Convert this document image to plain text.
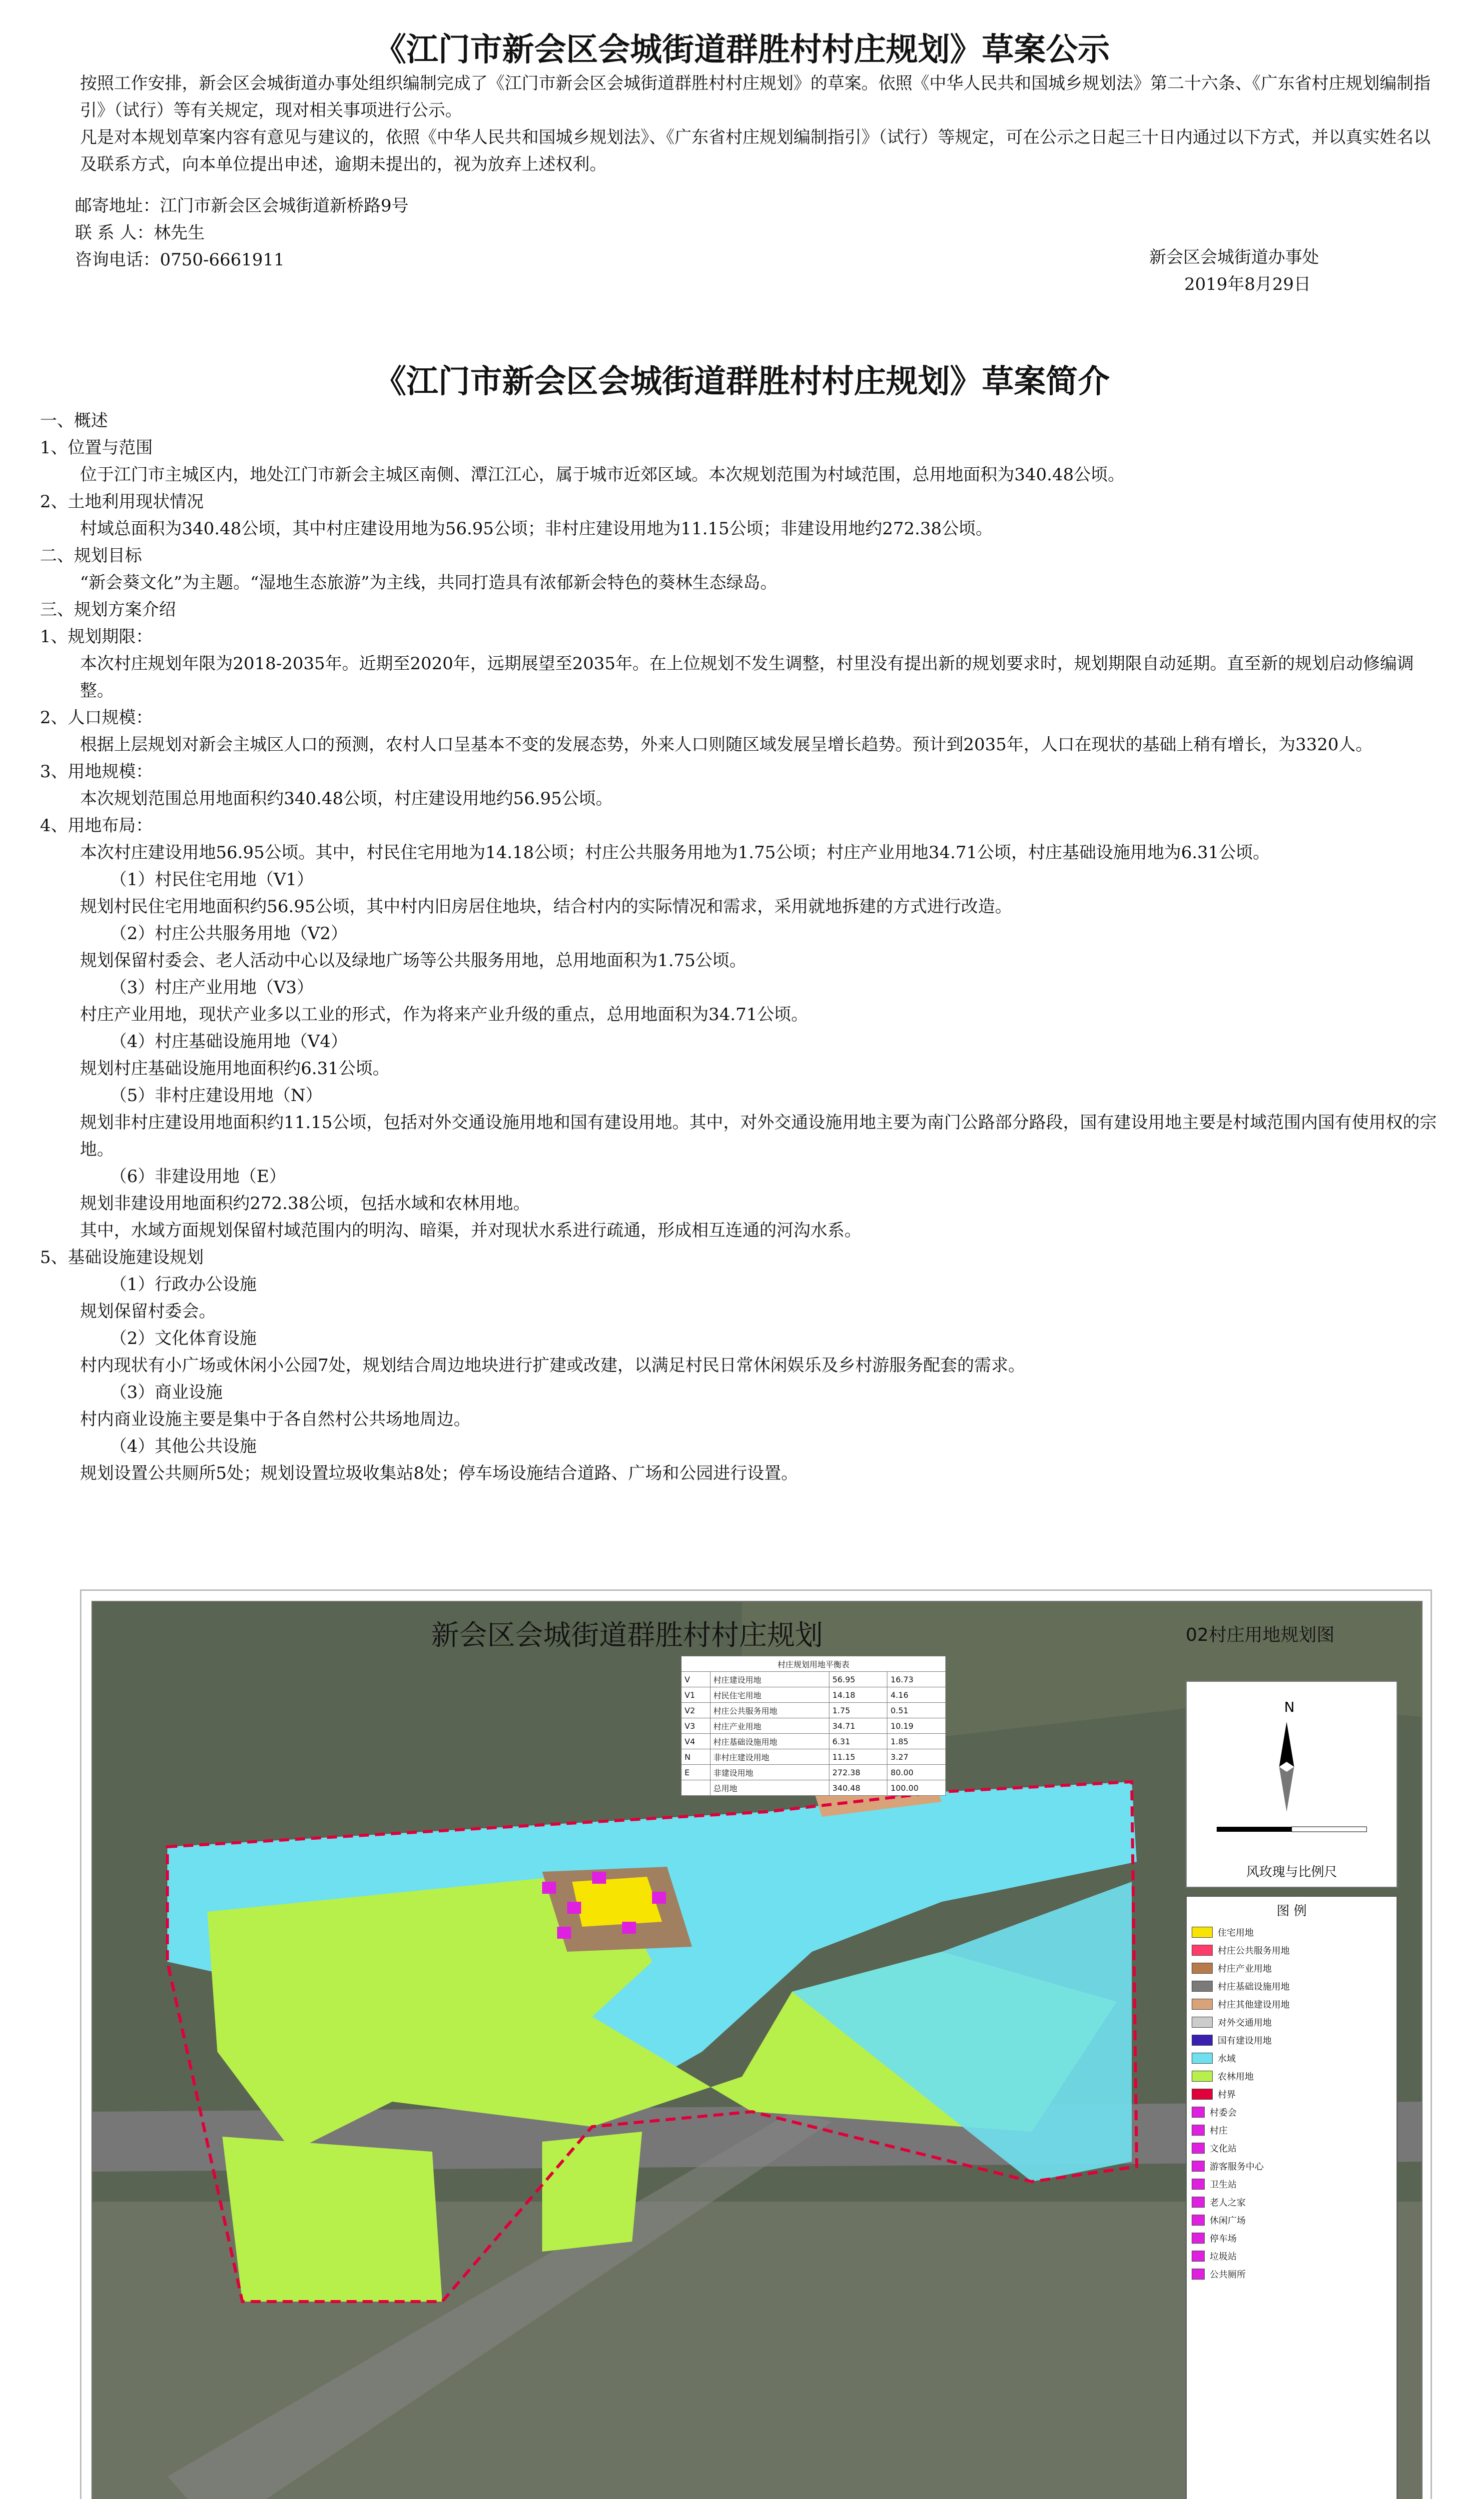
《江门市新会区会城街道群胜村村庄规划》草案公示
按照工作安排，新会区会城街道办事处组织编制完成了《江门市新会区会城街道群胜村村庄规划》的草案。依照《中华人民共和国城乡规划法》第二十六条、《广东省村庄规划编制指引》（试行）等有关规定，现对相关事项进行公示。
凡是对本规划草案内容有意见与建议的，依照《中华人民共和国城乡规划法》、《广东省村庄规划编制指引》（试行）等规定，可在公示之日起三十日内通过以下方式，并以真实姓名以及联系方式，向本单位提出申述，逾期未提出的，视为放弃上述权利。
邮寄地址：江门市新会区会城街道新桥路9号
联 系 人：林先生
咨询电话：0750-6661911	新会区会城街道办事处
2019年8月29日
《江门市新会区会城街道群胜村村庄规划》草案简介
一、概述
1、位置与范围
位于江门市主城区内，地处江门市新会主城区南侧、潭江江心，属于城市近郊区域。本次规划范围为村域范围，总用地面积为340.48公顷。
2、土地利用现状情况
村域总面积为340.48公顷，其中村庄建设用地为56.95公顷；非村庄建设用地为11.15公顷；非建设用地约272.38公顷。
二、规划目标
“新会葵文化”为主题。“湿地生态旅游”为主线，共同打造具有浓郁新会特色的葵林生态绿岛。
三、规划方案介绍
1、规划期限：
本次村庄规划年限为2018-2035年。近期至2020年，远期展望至2035年。在上位规划不发生调整，村里没有提出新的规划要求时，规划期限自动延期。直至新的规划启动修编调整。
2、人口规模：
根据上层规划对新会主城区人口的预测，农村人口呈基本不变的发展态势，外来人口则随区域发展呈增长趋势。预计到2035年，人口在现状的基础上稍有增长，为3320人。
3、用地规模：
本次规划范围总用地面积约340.48公顷，村庄建设用地约56.95公顷。
4、用地布局：
本次村庄建设用地56.95公顷。其中，村民住宅用地为14.18公顷；村庄公共服务用地为1.75公顷；村庄产业用地34.71公顷，村庄基础设施用地为6.31公顷。
（1）村民住宅用地（V1）
规划村民住宅用地面积约56.95公顷，其中村内旧房居住地块，结合村内的实际情况和需求，采用就地拆建的方式进行改造。
（2）村庄公共服务用地（V2）
规划保留村委会、老人活动中心以及绿地广场等公共服务用地，总用地面积为1.75公顷。
（3）村庄产业用地（V3）
村庄产业用地，现状产业多以工业的形式，作为将来产业升级的重点，总用地面积为34.71公顷。
（4）村庄基础设施用地（V4）
规划村庄基础设施用地面积约6.31公顷。
（5）非村庄建设用地（N）
规划非村庄建设用地面积约11.15公顷，包括对外交通设施用地和国有建设用地。其中，对外交通设施用地主要为南门公路部分路段，国有建设用地主要是村域范围内国有使用权的宗地。
（6）非建设用地（E）
规划非建设用地面积约272.38公顷，包括水域和农林用地。
其中，水域方面规划保留村域范围内的明沟、暗渠，并对现状水系进行疏通，形成相互连通的河沟水系。
5、基础设施建设规划
（1）行政办公设施
规划保留村委会。
（2）文化体育设施
村内现状有小广场或休闲小公园7处，规划结合周边地块进行扩建或改建，以满足村民日常休闲娱乐及乡村游服务配套的需求。
（3）商业设施
村内商业设施主要是集中于各自然村公共场地周边。
（4）其他公共设施
规划设置公共厕所5处；规划设置垃圾收集站8处；停车场设施结合道路、广场和公园进行设置。
新会区会城街道群胜村村庄规划	02村庄用地规划图
村庄规划用地平衡表			
V	村庄建设用地	56.95	16.73
V1	村民住宅用地	14.18	4.16
V2	村庄公共服务用地	1.75	0.51
V3	村庄产业用地	34.71	10.19
V4	村庄基础设施用地	6.31	1.85
N	非村庄建设用地	11.15	3.27
E	非建设用地	272.38	80.00
	总用地	340.48	100.00
N
风玫瑰与比例尺
图 例
住宅用地
村庄公共服务用地
村庄产业用地
村庄基础设施用地
村庄其他建设用地
对外交通用地
国有建设用地
水域
农林用地
村界
村委会
村庄
文化站
游客服务中心
卫生站
老人之家
休闲广场
停车场
垃圾站
公共厕所
